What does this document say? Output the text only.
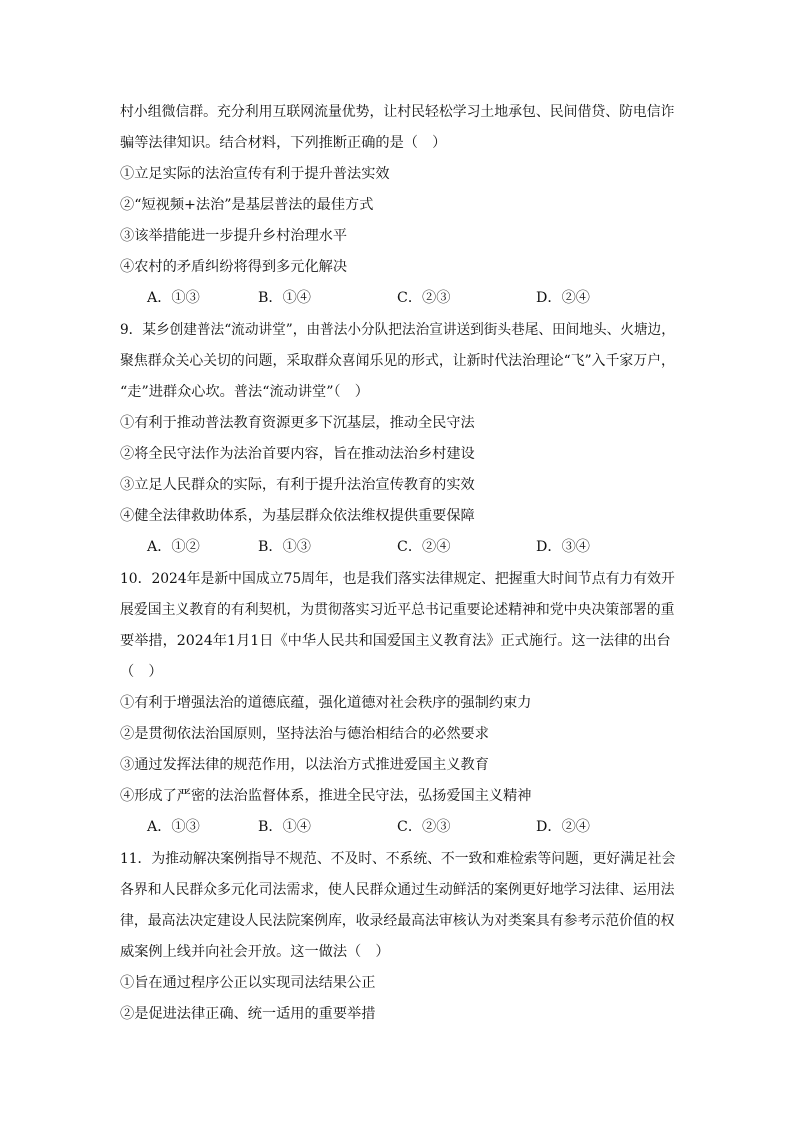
村小组微信群。充分利用互联网流量优势，让村民轻松学习土地承包、民间借贷、防电信诈
骗等法律知识。结合材料，下列推断正确的是（　）
①立足实际的法治宣传有利于提升普法实效
②“短视频+法治”是基层普法的最佳方式
③该举措能进一步提升乡村治理水平
④农村的矛盾纠纷将得到多元化解决
A．①③	B．①④	C．②③	D．②④
9．某乡创建普法“流动讲堂”，由普法小分队把法治宣讲送到街头巷尾、田间地头、火塘边，
聚焦群众关心关切的问题，采取群众喜闻乐见的形式，让新时代法治理论“飞”入千家万户，
“走”进群众心坎。普法“流动讲堂”（　）
①有利于推动普法教育资源更多下沉基层，推动全民守法
②将全民守法作为法治首要内容，旨在推动法治乡村建设
③立足人民群众的实际，有利于提升法治宣传教育的实效
④健全法律救助体系，为基层群众依法维权提供重要保障
A．①②	B．①③	C．②④	D．③④
10．2024年是新中国成立75周年，也是我们落实法律规定、把握重大时间节点有力有效开
展爱国主义教育的有利契机，为贯彻落实习近平总书记重要论述精神和党中央决策部署的重
要举措，2024年1月1日《中华人民共和国爱国主义教育法》正式施行。这一法律的出台
（　）
①有利于增强法治的道德底蕴，强化道德对社会秩序的强制约束力
②是贯彻依法治国原则，坚持法治与德治相结合的必然要求
③通过发挥法律的规范作用，以法治方式推进爱国主义教育
④形成了严密的法治监督体系，推进全民守法，弘扬爱国主义精神
A．①③	B．①④	C．②③	D．②④
11．为推动解决案例指导不规范、不及时、不系统、不一致和难检索等问题，更好满足社会
各界和人民群众多元化司法需求，使人民群众通过生动鲜活的案例更好地学习法律、运用法
律，最高法决定建设人民法院案例库，收录经最高法审核认为对类案具有参考示范价值的权
威案例上线并向社会开放。这一做法（　）
①旨在通过程序公正以实现司法结果公正
②是促进法律正确、统一适用的重要举措
